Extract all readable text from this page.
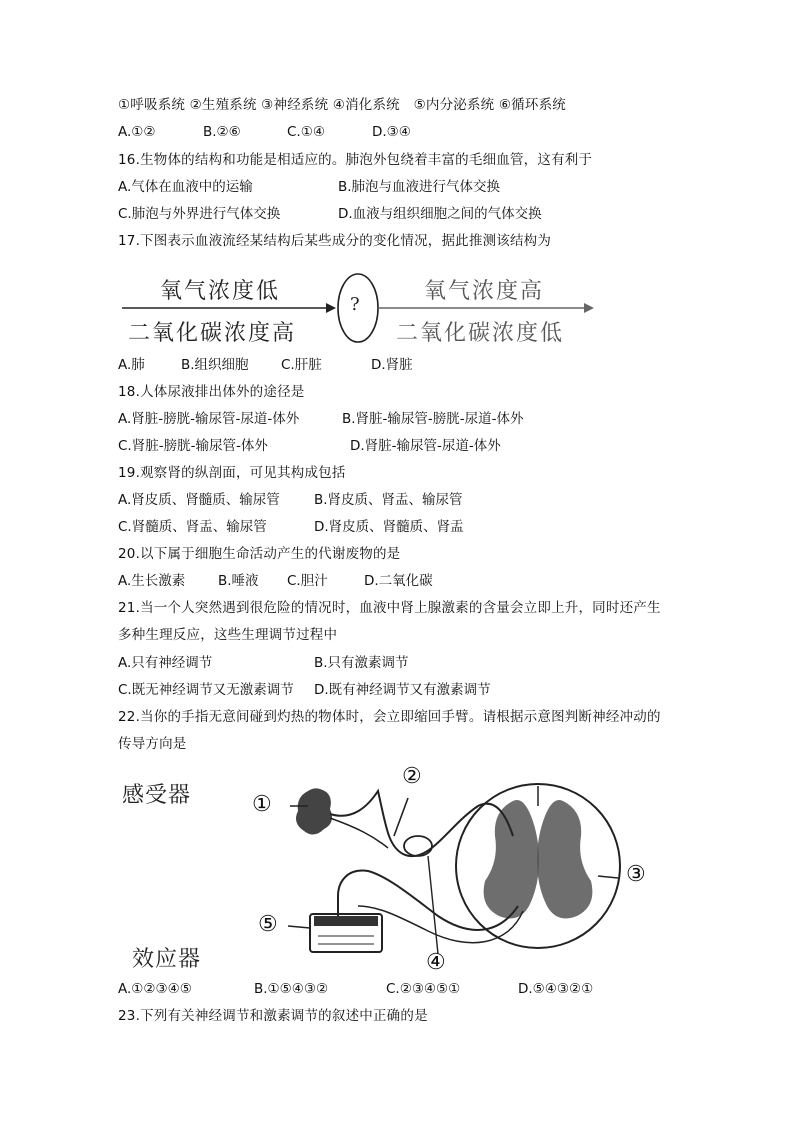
①呼吸系统 ②生殖系统 ③神经系统 ④消化系统　⑤内分泌系统 ⑥循环系统
A.①②	B.②⑥	C.①④	D.③④
16.生物体的结构和功能是相适应的。肺泡外包绕着丰富的毛细血管，这有利于
A.气体在血液中的运输	B.肺泡与血液进行气体交换
C.肺泡与外界进行气体交换	D.血液与组织细胞之间的气体交换
17.下图表示血液流经某结构后某些成分的变化情况，据此推测该结构为
氧气浓度低
二氧化碳浓度高
?
氧气浓度高
二氧化碳浓度低
A.肺	B.组织细胞 C.肝脏	D.肾脏
18.人体尿液排出体外的途径是
A.肾脏-膀胱-输尿管-尿道-体外	B.肾脏-输尿管-膀胱-尿道-体外
C.肾脏-膀胱-输尿管-体外	D.肾脏-输尿管-尿道-体外
19.观察肾的纵剖面，可见其构成包括
A.肾皮质、肾髓质、输尿管	B.肾皮质、肾盂、输尿管
C.肾髓质、肾盂、输尿管	D.肾皮质、肾髓质、肾盂
20.以下属于细胞生命活动产生的代谢废物的是
A.生长激素 B.唾液 C.胆汁	D.二氧化碳
21.当一个人突然遇到很危险的情况时，血液中肾上腺激素的含量会立即上升，同时还产生
多种生理反应，这些生理调节过程中
A.只有神经调节	B.只有激素调节
C.既无神经调节又无激素调节 D.既有神经调节又有激素调节
22.当你的手指无意间碰到灼热的物体时，会立即缩回手臂。请根据示意图判断神经冲动的
传导方向是
感受器
效应器
①
②
③
④
⑤
A.①②③④⑤	B.①⑤④③②	C.②③④⑤①	D.⑤④③②①
23.下列有关神经调节和激素调节的叙述中正确的是
